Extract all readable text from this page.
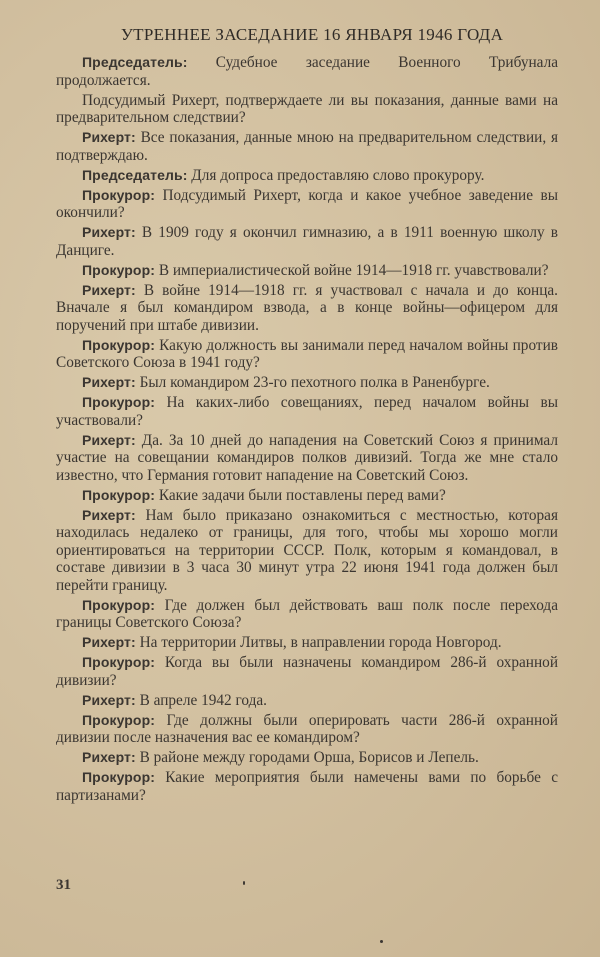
УТРЕННЕЕ ЗАСЕДАНИЕ 16 ЯНВАРЯ 1946 ГОДА

Председатель: Судебное заседание Военного Трибунала продолжается.

Подсудимый Рихерт, подтверждаете ли вы показания, данные вами на предварительном следствии?

Рихерт: Все показания, данные мною на предварительном следствии, я подтверждаю.

Председатель: Для допроса предоставляю слово прокурору.

Прокурор: Подсудимый Рихерт, когда и какое учебное заведение вы окончили?

Рихерт: В 1909 году я окончил гимназию, а в 1911 военную школу в Данциге.

Прокурор: В империалистической войне 1914—1918 гг. учавствовали?

Рихерт: В войне 1914—1918 гг. я участвовал с начала и до конца. Вначале я был командиром взвода, а в конце войны—офицером для поручений при штабе дивизии.

Прокурор: Какую должность вы занимали перед началом войны против Советского Союза в 1941 году?

Рихерт: Был командиром 23-го пехотного полка в Раненбурге.

Прокурор: На каких-либо совещаниях, перед началом войны вы участвовали?

Рихерт: Да. За 10 дней до нападения на Советский Союз я принимал участие на совещании командиров полков дивизий. Тогда же мне стало известно, что Германия готовит нападение на Советский Союз.

Прокурор: Какие задачи были поставлены перед вами?

Рихерт: Нам было приказано ознакомиться с местностью, которая находилась недалеко от границы, для того, чтобы мы хорошо могли ориентироваться на территории СССР. Полк, которым я командовал, в составе дивизии в 3 часа 30 минут утра 22 июня 1941 года должен был перейти границу.

Прокурор: Где должен был действовать ваш полк после перехода границы Советского Союза?

Рихерт: На территории Литвы, в направлении города Новгород.

Прокурор: Когда вы были назначены командиром 286-й охранной дивизии?

Рихерт: В апреле 1942 года.

Прокурор: Где должны были оперировать части 286-й охранной дивизии после назначения вас ее командиром?

Рихерт: В районе между городами Орша, Борисов и Лепель.

Прокурор: Какие мероприятия были намечены вами по борьбе с партизанами?

31
